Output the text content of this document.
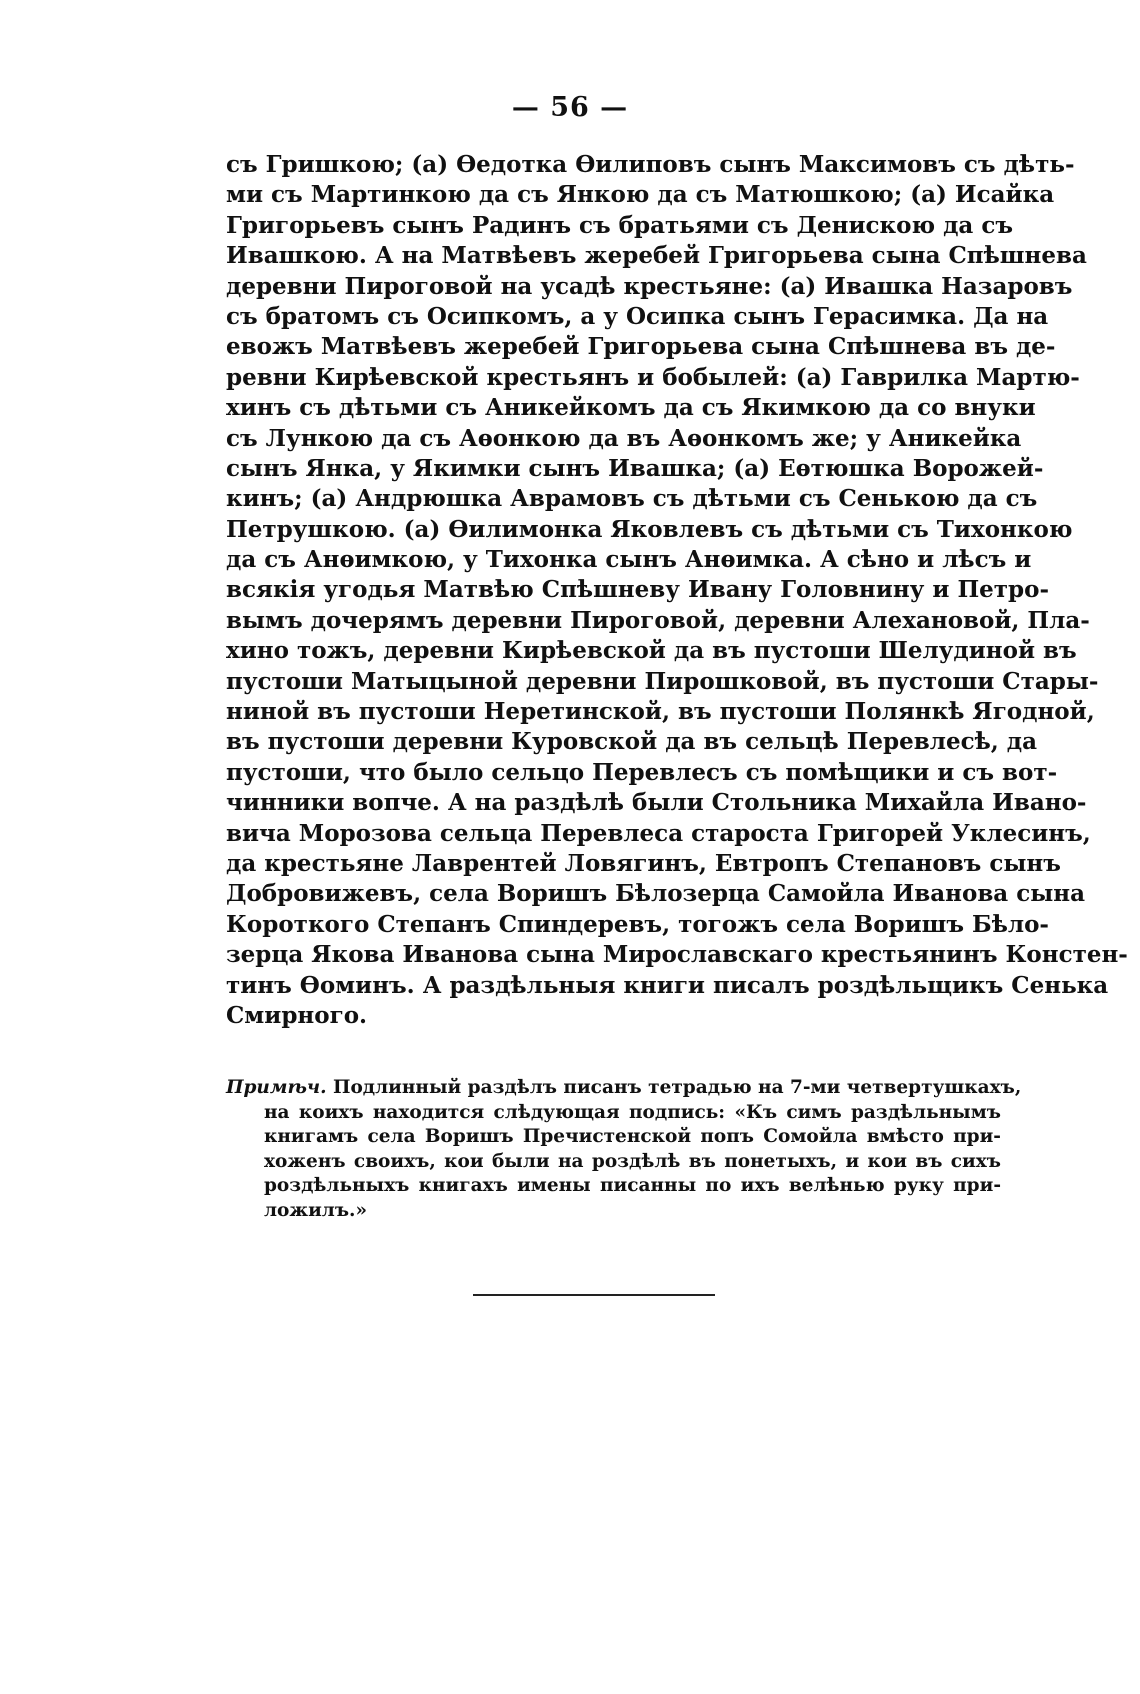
— 56 —
съ Гришкою; (а) Ѳедотка Ѳилиповъ сынъ Максимовъ съ дѣть-
ми съ Мартинкою да съ Янкою да съ Матюшкою; (а) Исайка
Григорьевъ сынъ Радинъ съ братьями съ Денискою да съ
Ивашкою. А на Матвѣевъ жеребей Григорьева сына Спѣшнева
деревни Пироговой на усадѣ крестьяне: (а) Ивашка Назаровъ
съ братомъ съ Осипкомъ, а у Осипка сынъ Герасимка. Да на
евожъ Матвѣевъ жеребей Григорьева сына Спѣшнева въ де-
ревни Кирѣевской крестьянъ и бобылей: (а) Гаврилка Мартю-
хинъ съ дѣтьми съ Аникейкомъ да съ Якимкою да со внуки
съ Лункою да съ Аѳонкою да въ Аѳонкомъ же; у Аникейка
сынъ Янка, у Якимки сынъ Ивашка; (а) Еѳтюшка Ворожей-
кинъ; (а) Андрюшка Аврамовъ съ дѣтьми съ Сенькою да съ
Петрушкою. (а) Ѳилимонка Яковлевъ съ дѣтьми съ Тихонкою
да съ Анѳимкою, у Тихонка сынъ Анѳимка. А сѣно и лѣсъ и
всякія угодья Матвѣю Спѣшневу Ивану Головнину и Петро-
вымъ дочерямъ деревни Пироговой, деревни Алехановой, Пла-
хино тожъ, деревни Кирѣевской да въ пустоши Шелудиной въ
пустоши Матыцыной деревни Пирошковой, въ пустоши Стары-
ниной въ пустоши Неретинской, въ пустоши Полянкѣ Ягодной,
въ пустоши деревни Куровской да въ сельцѣ Перевлесѣ, да
пустоши, что было сельцо Перевлесъ съ помѣщики и съ вот-
чинники вопче. А на раздѣлѣ были Стольника Михайла Ивано-
вича Морозова сельца Перевлеса староста Григорей Уклесинъ,
да крестьяне Лаврентей Ловягинъ, Евтропъ Степановъ сынъ
Добровижевъ, села Воришъ Бѣлозерца Самойла Иванова сына
Короткого Степанъ Спиндеревъ, тогожъ села Воришъ Бѣло-
зерца Якова Иванова сына Мирославскаго крестьянинъ Констен-
тинъ Ѳоминъ. А раздѣльныя книги писалъ роздѣльщикъ Сенька
Смирного.
Примѣч. Подлинный раздѣлъ писанъ тетрадью на 7-ми четвертушкахъ,
на коихъ находится слѣдующая подпись: «Къ симъ раздѣльнымъ
книгамъ села Воришъ Пречистенской попъ Сомойла вмѣсто при-
хоженъ своихъ, кои были на роздѣлѣ въ понетыхъ, и кои въ сихъ
роздѣльныхъ книгахъ имены писанны по ихъ велѣнью руку при-
ложилъ.»
